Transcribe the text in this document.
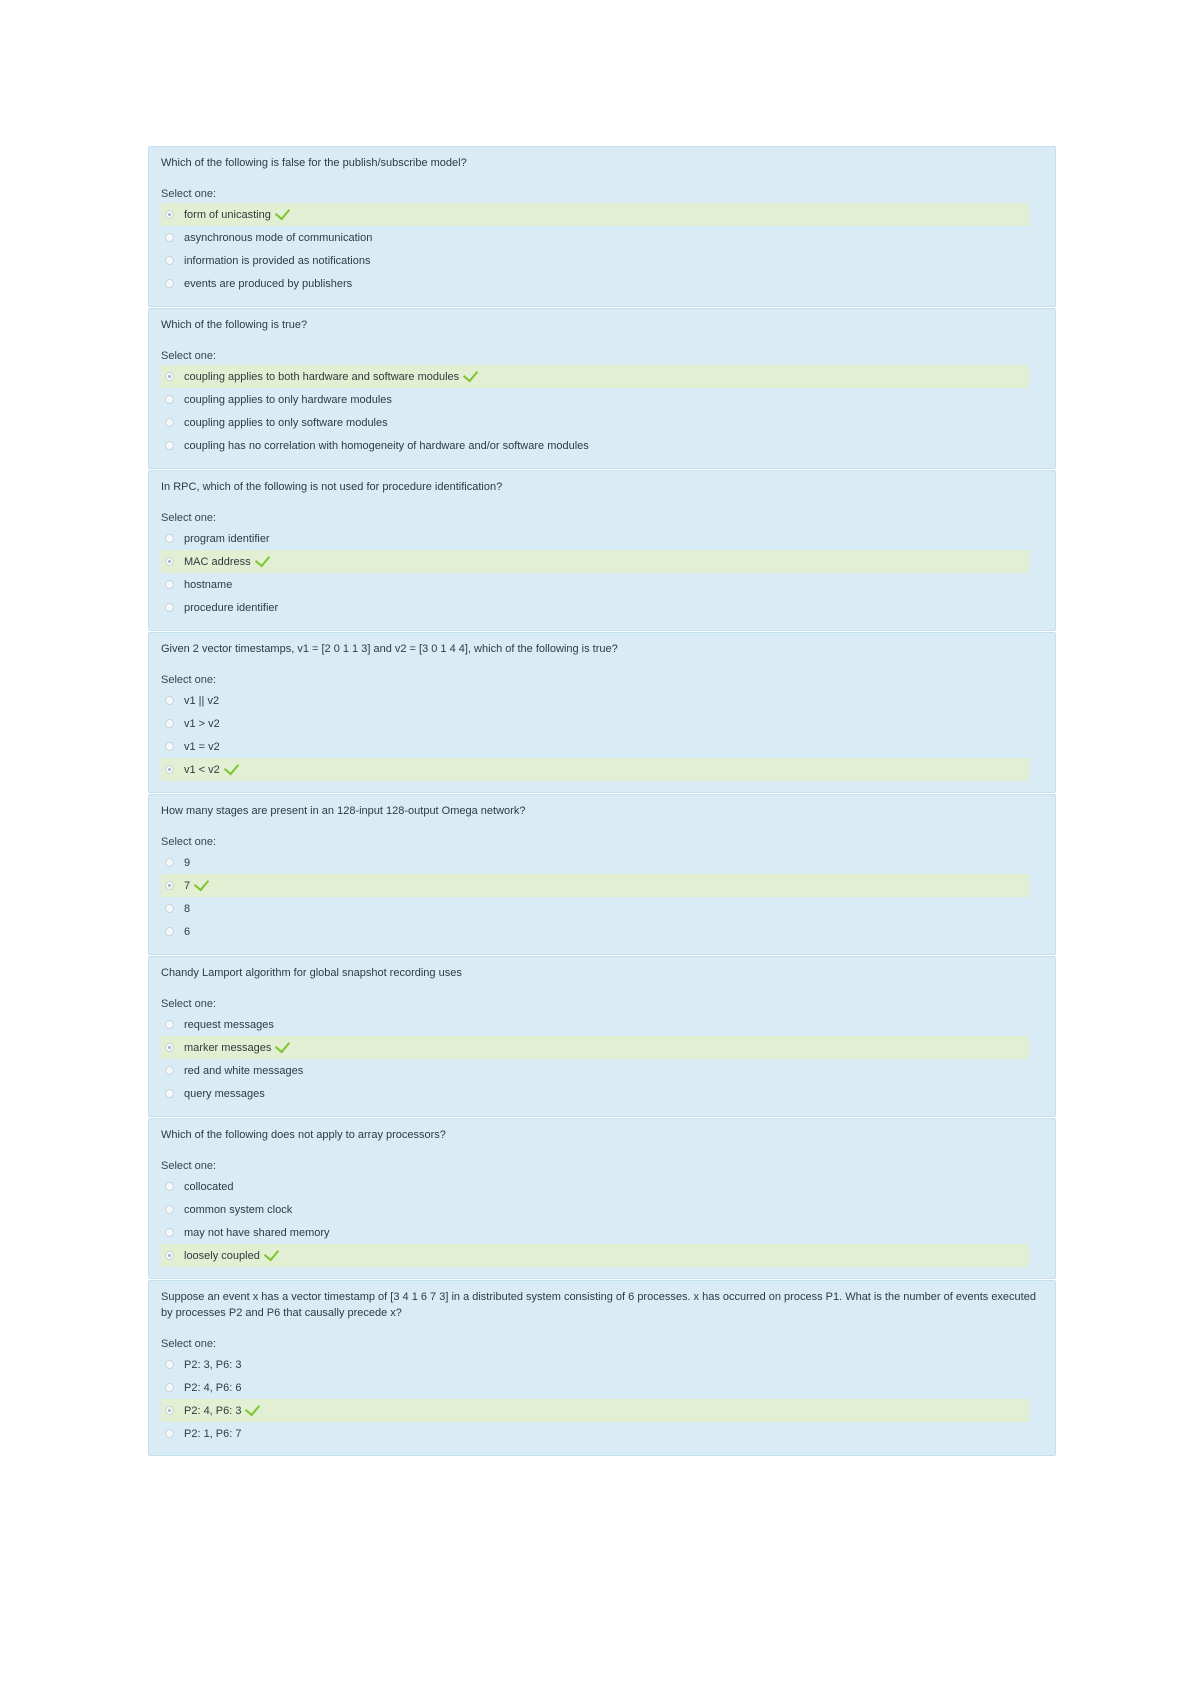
Which of the following is false for the publish/subscribe model?

Select one:
form of unicasting
asynchronous mode of communication
information is provided as notifications
events are produced by publishers

Which of the following is true?

Select one:
coupling applies to both hardware and software modules
coupling applies to only hardware modules
coupling applies to only software modules
coupling has no correlation with homogeneity of hardware and/or software modules

In RPC, which of the following is not used for procedure identification?

Select one:
program identifier
MAC address
hostname
procedure identifier

Given 2 vector timestamps, v1 = [2 0 1 1 3] and v2 = [3 0 1 4 4], which of the following is true?

Select one:
v1 || v2
v1 > v2
v1 = v2
v1 < v2

How many stages are present in an 128-input 128-output Omega network?

Select one:
9
7
8
6

Chandy Lamport algorithm for global snapshot recording uses

Select one:
request messages
marker messages
red and white messages
query messages

Which of the following does not apply to array processors?

Select one:
collocated
common system clock
may not have shared memory
loosely coupled

Suppose an event x has a vector timestamp of [3 4 1 6 7 3] in a distributed system consisting of 6 processes. x has occurred on process P1. What is the number of events executed by processes P2 and P6 that causally precede x?

Select one:
P2: 3, P6: 3
P2: 4, P6: 6
P2: 4, P6: 3
P2: 1, P6: 7
